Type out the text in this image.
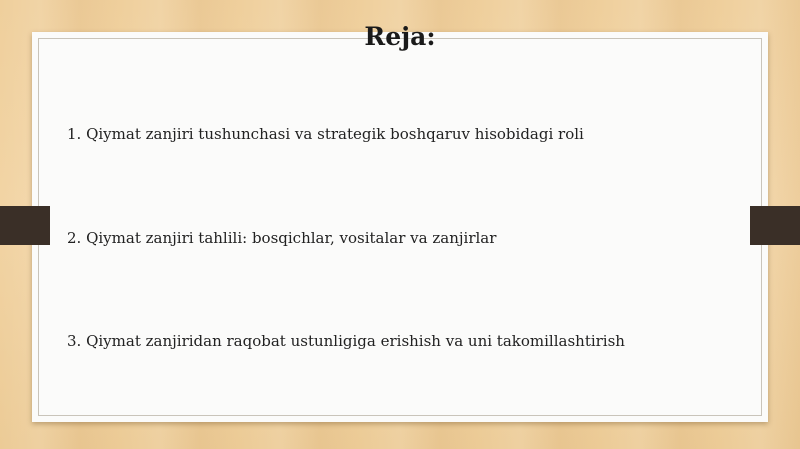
Reja:
1. Qiymat zanjiri tushunchasi va strategik boshqaruv hisobidagi roli
2. Qiymat zanjiri tahlili: bosqichlar, vositalar va zanjirlar
3. Qiymat zanjiridan raqobat ustunligiga erishish va uni takomillashtirish
